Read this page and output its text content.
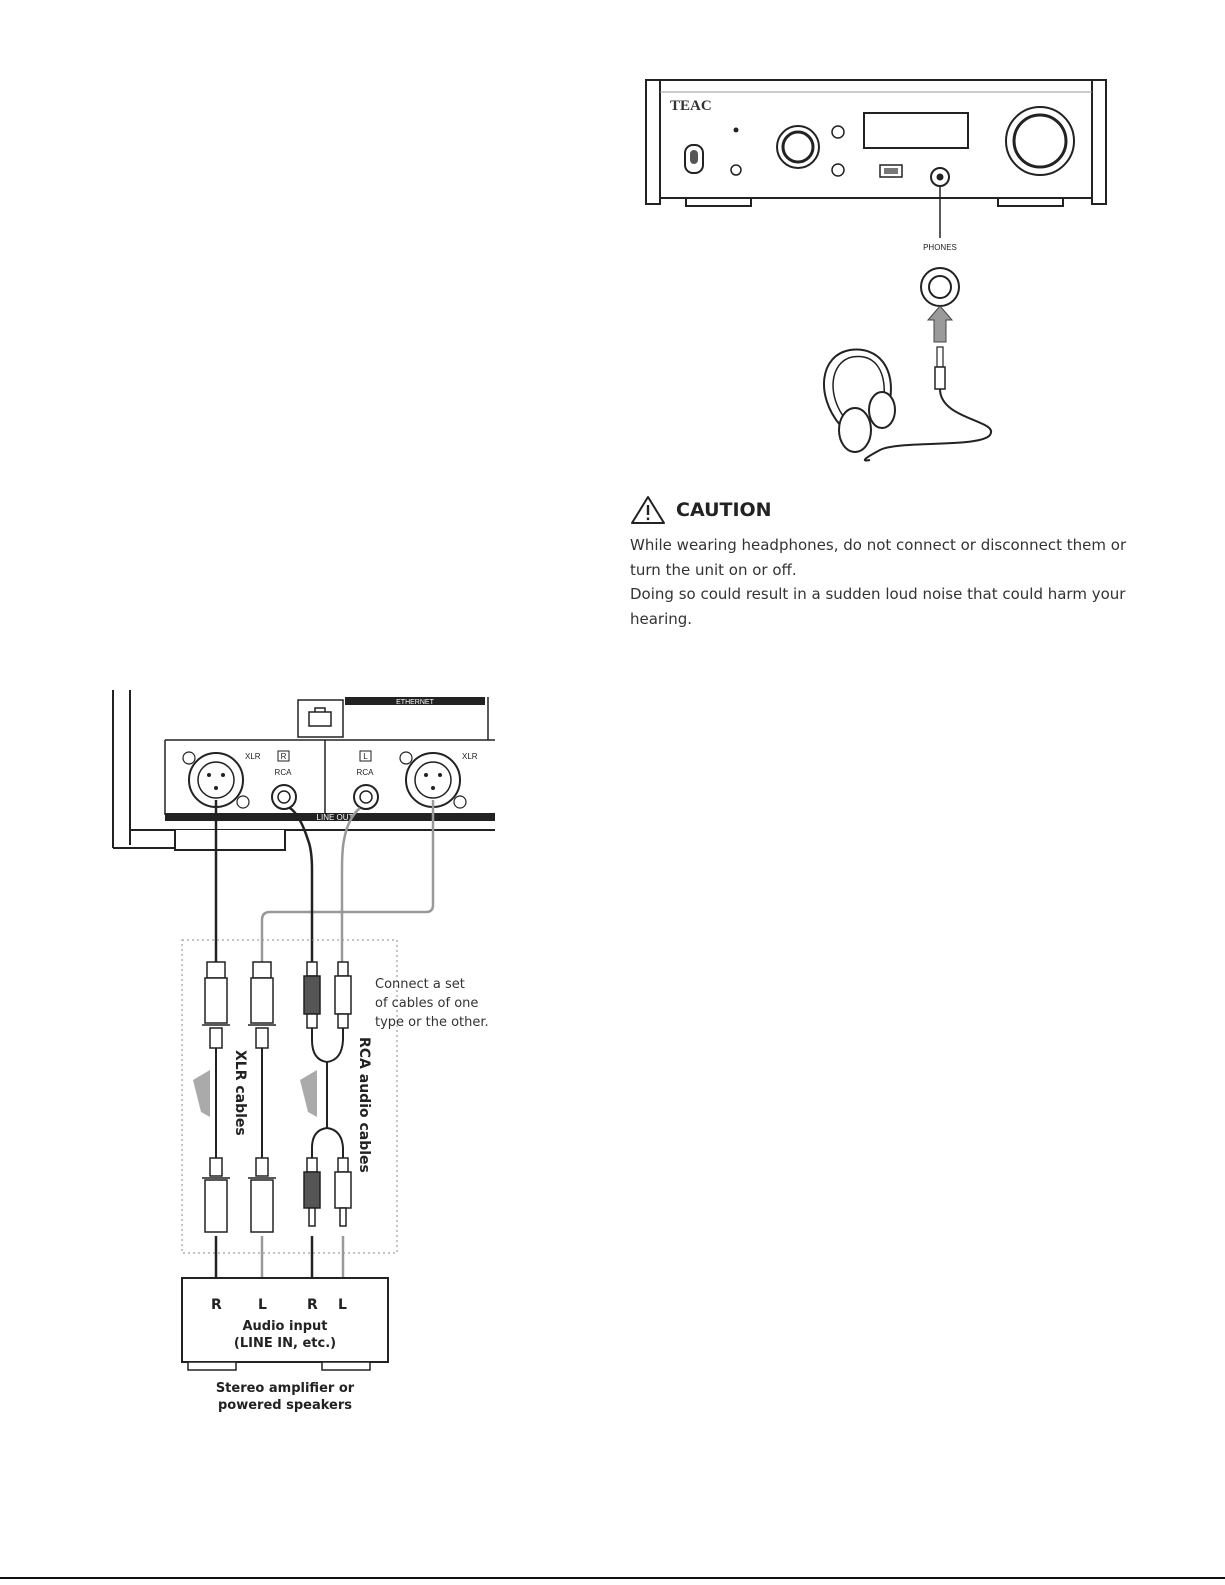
TEAC
PHONES
CAUTION
While wearing headphones, do not connect or disconnect them or
turn the unit on or off.
Doing so could result in a sudden loud noise that could harm your
hearing.
ETHERNET
XLR	R
RCA
L
RCA
XLR
LINE OUT
Connect a set
of cables of one
type or the other.
XLR cables	RCA audio cables
R	L	R L
Audio input
(LINE IN, etc.)
Stereo amplifier or
powered speakers
